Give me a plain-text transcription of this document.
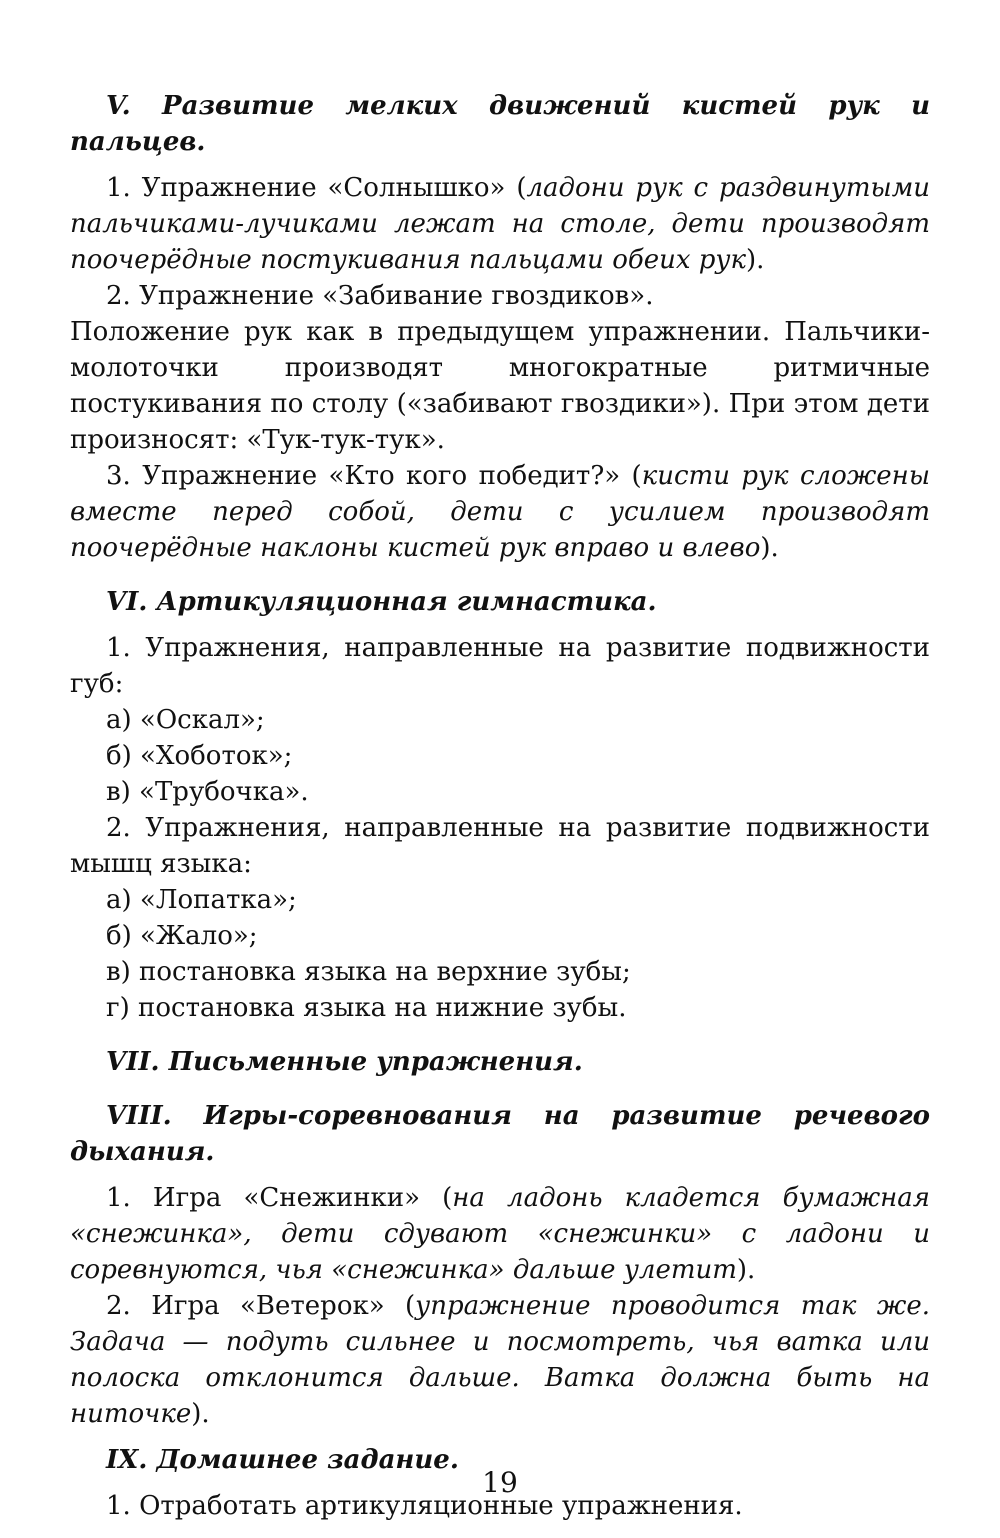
V. Развитие мелких движений кистей рук и пальцев.
1. Упражнение «Солнышко» (ладони рук с раздвинутыми пальчиками-лучиками лежат на столе, дети производят поочерёдные постукивания пальцами обеих рук).
2. Упражнение «Забивание гвоздиков».
Положение рук как в предыдущем упражнении. Пальчики-молоточки производят многократные ритмичные постукивания по столу («забивают гвоздики»). При этом дети произносят: «Тук-тук-тук».
3. Упражнение «Кто кого победит?» (кисти рук сложены вместе перед собой, дети с усилием производят поочерёдные наклоны кистей рук вправо и влево).
VI. Артикуляционная гимнастика.
1. Упражнения, направленные на развитие подвижности губ:
а) «Оскал»;
б) «Хоботок»;
в) «Трубочка».
2. Упражнения, направленные на развитие подвижности мышц языка:
а) «Лопатка»;
б) «Жало»;
в) постановка языка на верхние зубы;
г) постановка языка на нижние зубы.
VII. Письменные упражнения.
VIII. Игры-соревнования на развитие речевого дыхания.
1. Игра «Снежинки» (на ладонь кладется бумажная «снежинка», дети сдувают «снежинки» с ладони и соревнуются, чья «снежинка» дальше улетит).
2. Игра «Ветерок» (упражнение проводится так же. Задача — подуть сильнее и посмотреть, чья ватка или полоска отклонится дальше. Ватка должна быть на ниточке).
IX. Домашнее задание.
1. Отработать артикуляционные упражнения.
19
